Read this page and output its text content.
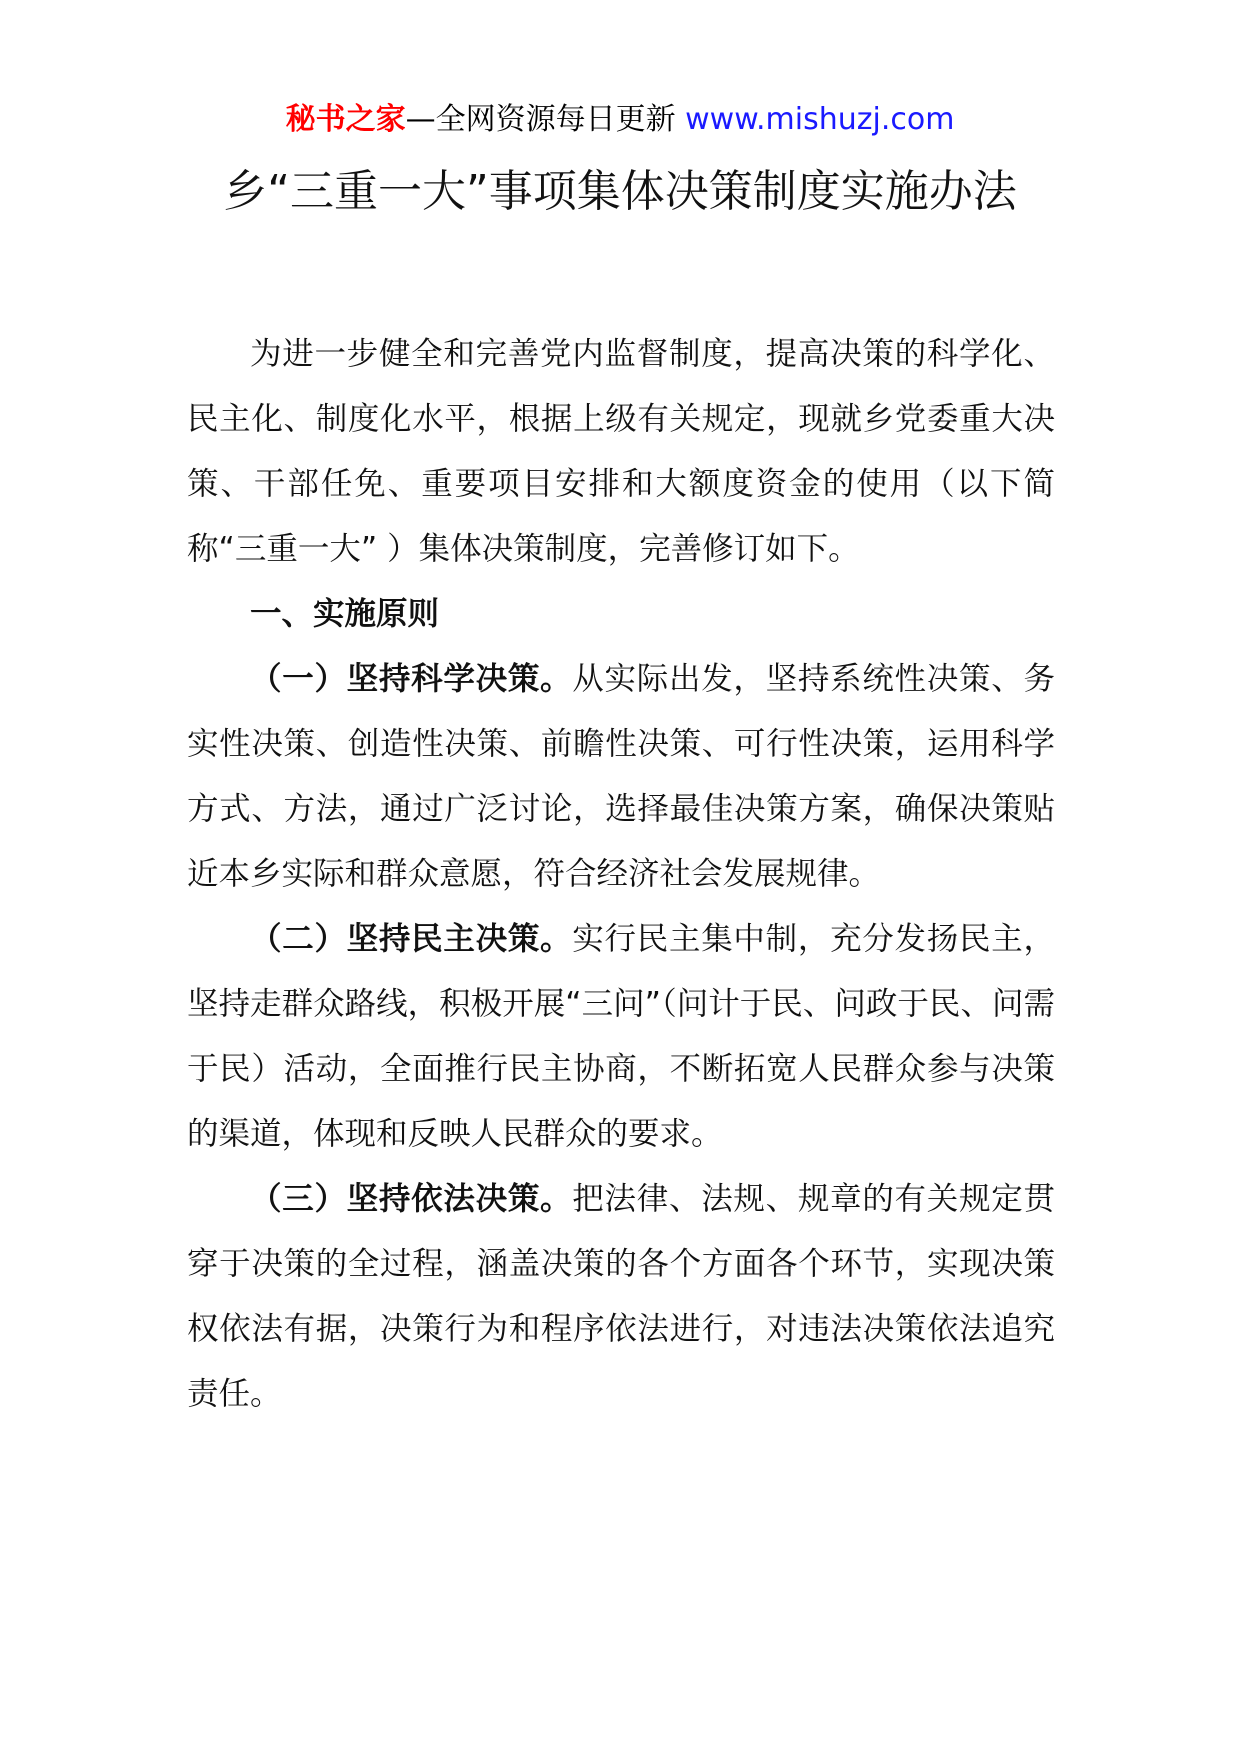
秘书之家—全网资源每日更新 www.mishuzj.com
乡“三重一大”事项集体决策制度实施办法

为进一步健全和完善党内监督制度，提高决策的科学化、民主化、制度化水平，根据上级有关规定，现就乡党委重大决策、干部任免、重要项目安排和大额度资金的使用（以下简称“三重一大” ）集体决策制度，完善修订如下。

一、实施原则

（一）坚持科学决策。从实际出发，坚持系统性决策、务实性决策、创造性决策、前瞻性决策、可行性决策，运用科学方式、方法，通过广泛讨论，选择最佳决策方案，确保决策贴近本乡实际和群众意愿，符合经济社会发展规律。

（二）坚持民主决策。实行民主集中制，充分发扬民主，坚持走群众路线，积极开展“三问”（问计于民、问政于民、问需于民）活动，全面推行民主协商，不断拓宽人民群众参与决策的渠道，体现和反映人民群众的要求。

（三）坚持依法决策。把法律、法规、规章的有关规定贯穿于决策的全过程，涵盖决策的各个方面各个环节，实现决策权依法有据，决策行为和程序依法进行，对违法决策依法追究责任。
